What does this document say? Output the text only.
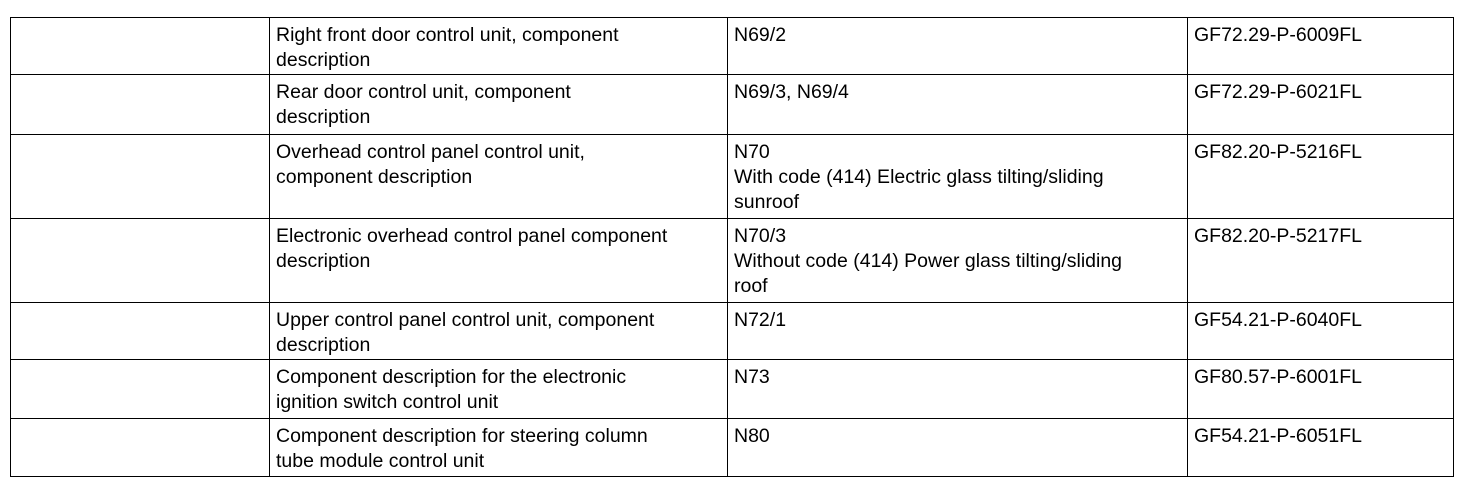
	Right front door control unit, component
description	N69/2	GF72.29-P-6009FL
	Rear door control unit, component
description	N69/3, N69/4	GF72.29-P-6021FL
	Overhead control panel control unit,
component description	N70
With code (414) Electric glass tilting/sliding
sunroof	GF82.20-P-5216FL
	Electronic overhead control panel component
description	N70/3
Without code (414) Power glass tilting/sliding
roof	GF82.20-P-5217FL
	Upper control panel control unit, component
description	N72/1	GF54.21-P-6040FL
	Component description for the electronic
ignition switch control unit	N73	GF80.57-P-6001FL
	Component description for steering column
tube module control unit	N80	GF54.21-P-6051FL
